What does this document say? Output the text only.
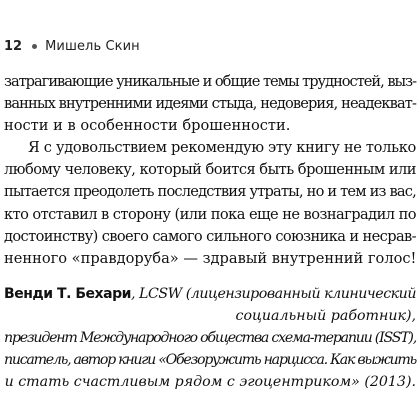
12 Мишель Скин
затрагивающие уникальные и общие темы трудностей, выз-
ванных внутренними идеями стыда, недоверия, неадекват-
ности и в особенности брошенности.
Я с удовольствием рекомендую эту книгу не только
любому человеку, который боится быть брошенным или
пытается преодолеть последствия утраты, но и тем из вас,
кто отставил в сторону (или пока еще не вознаградил по
достоинству) своего самого сильного союзника и несрав-
ненного «правдоруба» — здравый внутренний голос!
Венди Т. Бехари, LCSW (лицензированный клинический
социальный работник),
президент Международного общества схема-терапии (ISST),
писатель, автор книги «Обезоружить нарцисса. Как выжить
и стать счастливым рядом с эгоцентриком» (2013).
